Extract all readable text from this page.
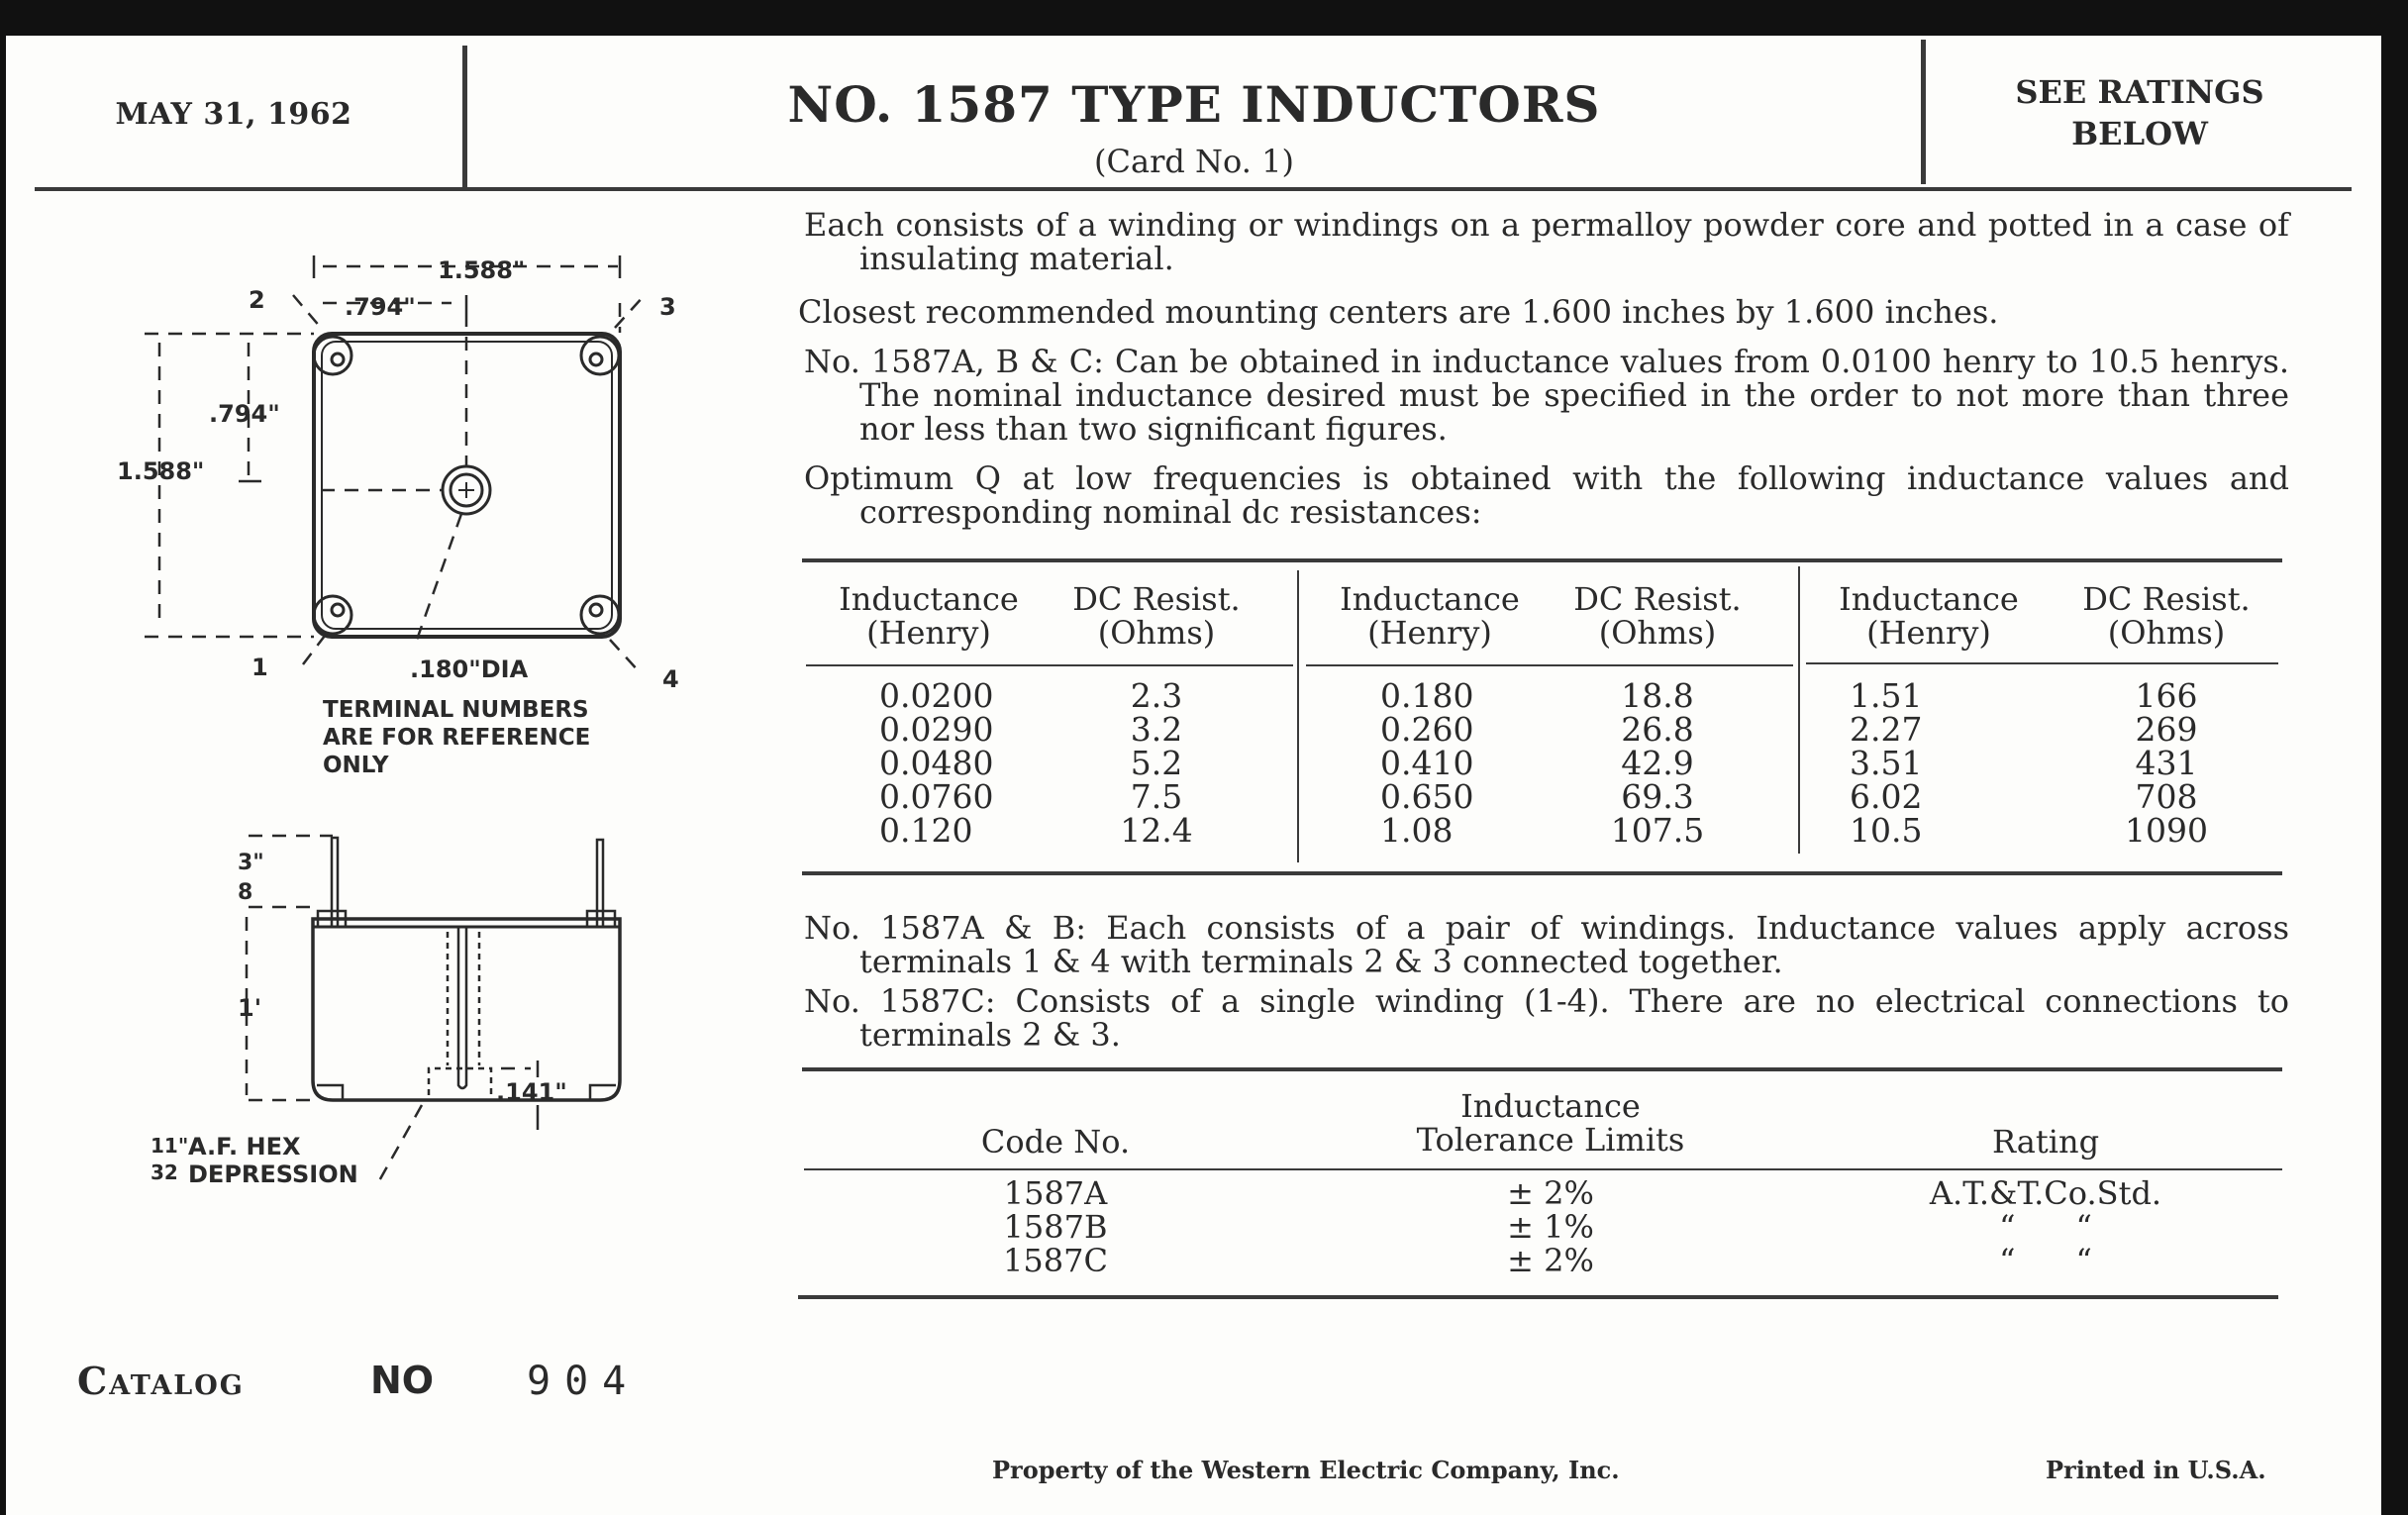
MAY 31, 1962	NO. 1587 TYPE INDUCTORS
(Card No. 1)
SEE RATINGS
BELOW
1.588"
.794"
1.588"
.794"
.180"DIA
1
2	3
4
TERMINAL NUMBERS
ARE FOR REFERENCE
ONLY
3"
8
1'
.141"
11"
32
A.F. HEX
DEPRESSION
Each consists of a winding or windings on a permalloy powder core and potted in a case of insulating material.
Closest recommended mounting centers are 1.600 inches by 1.600 inches.
No. 1587A, B & C: Can be obtained in inductance values from 0.0100 henry to 10.5 henrys. The nominal inductance desired must be specified in the order to not more than three nor less than two significant figures.
Optimum Q at low frequencies is obtained with the following inductance values and corresponding nominal dc resistances:
Inductance
(Henry)
DC Resist.
(Ohms)
0.0200	2.3
0.0290	3.2
0.0480	5.2
0.0760	7.5
0.120	12.4
Inductance
(Henry)
DC Resist.
(Ohms)
0.180	18.8
0.260	26.8
0.410	42.9
0.650	69.3
1.08	107.5
Inductance
(Henry)
DC Resist.
(Ohms)
1.51	166
2.27	269
3.51	431
6.02	708
10.5	1090
No. 1587A & B: Each consists of a pair of windings. Inductance values apply across terminals 1 & 4 with terminals 2 & 3 connected together.
No. 1587C: Consists of a single winding (1-4). There are no electrical connections to terminals 2 & 3.
Code No.
Inductance
Tolerance Limits	Rating
1587A	± 2%	A.T.&T.Co.Std.
1587B	± 1%	“      “
1587C	± 2%	“      “
Catalog	NO 904
Property of the Western Electric Company, Inc.	Printed in U.S.A.
